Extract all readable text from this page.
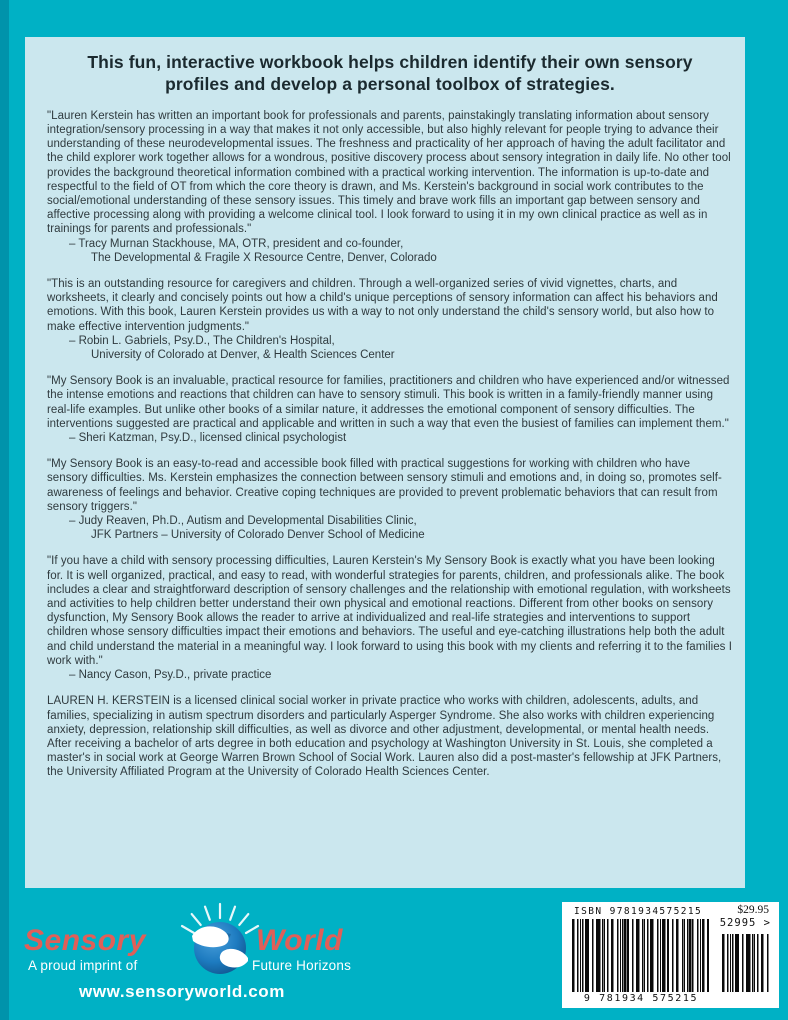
This fun, interactive workbook helps children identify their own sensory profiles and develop a personal toolbox of strategies.

"Lauren Kerstein has written an important book for professionals and parents, painstakingly translating information about sensory integration/sensory processing in a way that makes it not only accessible, but also highly relevant for people trying to advance their understanding of these neurodevelopmental issues. The freshness and practicality of her approach of having the adult facilitator and the child explorer work together allows for a wondrous, positive discovery process about sensory integration in daily life. No other tool provides the background theoretical information combined with a practical working intervention. The information is up-to-date and respectful to the field of OT from which the core theory is drawn, and Ms. Kerstein's background in social work contributes to the social/emotional understanding of these sensory issues. This timely and brave work fills an important gap between sensory and affective processing along with providing a welcome clinical tool. I look forward to using it in my own clinical practice as well as in trainings for parents and professionals."

– Tracy Murnan Stackhouse, MA, OTR, president and co-founder,

The Developmental & Fragile X Resource Centre, Denver, Colorado

"This is an outstanding resource for caregivers and children. Through a well-organized series of vivid vignettes, charts, and worksheets, it clearly and concisely points out how a child's unique perceptions of sensory information can affect his behaviors and emotions. With this book, Lauren Kerstein provides us with a way to not only understand the child's sensory world, but also how to make effective intervention judgments."

– Robin L. Gabriels, Psy.D., The Children's Hospital,

University of Colorado at Denver, & Health Sciences Center

"My Sensory Book is an invaluable, practical resource for families, practitioners and children who have experienced and/or witnessed the intense emotions and reactions that children can have to sensory stimuli. This book is written in a family-friendly manner using real-life examples. But unlike other books of a similar nature, it addresses the emotional component of sensory difficulties. The interventions suggested are practical and applicable and written in such a way that even the busiest of families can implement them."

– Sheri Katzman, Psy.D., licensed clinical psychologist

"My Sensory Book is an easy-to-read and accessible book filled with practical suggestions for working with children who have sensory difficulties. Ms. Kerstein emphasizes the connection between sensory stimuli and emotions and, in doing so, promotes self-awareness of feelings and behavior. Creative coping techniques are provided to prevent problematic behaviors that can result from sensory triggers."

– Judy Reaven, Ph.D., Autism and Developmental Disabilities Clinic,

JFK Partners – University of Colorado Denver School of Medicine

"If you have a child with sensory processing difficulties, Lauren Kerstein's My Sensory Book is exactly what you have been looking for. It is well organized, practical, and easy to read, with wonderful strategies for parents, children, and professionals alike. The book includes a clear and straightforward description of sensory challenges and the relationship with emotional regulation, with worksheets and activities to help children better understand their own physical and emotional reactions. Different from other books on sensory dysfunction, My Sensory Book allows the reader to arrive at individualized and real-life strategies and interventions to support children whose sensory difficulties impact their emotions and behaviors. The useful and eye-catching illustrations help both the adult and child understand the material in a meaningful way. I look forward to using this book with my clients and referring it to the families I work with."

– Nancy Cason, Psy.D., private practice

LAUREN H. KERSTEIN is a licensed clinical social worker in private practice who works with children, adolescents, adults, and families, specializing in autism spectrum disorders and particularly Asperger Syndrome. She also works with children experiencing anxiety, depression, relationship skill difficulties, as well as divorce and other adjustment, developmental, or mental health needs. After receiving a bachelor of arts degree in both education and psychology at Washington University in St. Louis, she completed a master's in social work at George Warren Brown School of Social Work. Lauren also did a post-master's fellowship at JFK Partners, the University Affiliated Program at the University of Colorado Health Sciences Center.

Sensory	World
A proud imprint of	Future Horizons
www.sensoryworld.com
ISBN 9781934575215	$29.95
52995 >
9 781934 575215
